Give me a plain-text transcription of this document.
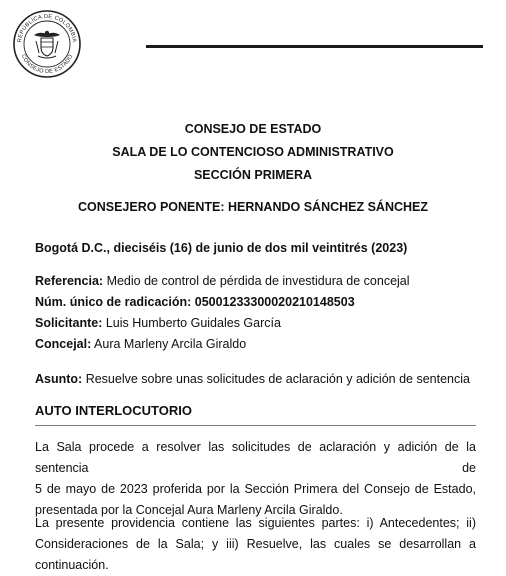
REPÚBLICA DE COLOMBIA
CONSEJO DE ESTADO
CONSEJO DE ESTADO
SALA DE LO CONTENCIOSO ADMINISTRATIVO
SECCIÓN PRIMERA
CONSEJERO PONENTE: HERNANDO SÁNCHEZ SÁNCHEZ
Bogotá D.C., dieciséis (16) de junio de dos mil veintitrés (2023)
Referencia: Medio de control de pérdida de investidura de concejal
Núm. único de radicación: 05001233300020210148503
Solicitante: Luis Humberto Guidales García
Concejal: Aura Marleny Arcila Giraldo
Asunto: Resuelve sobre unas solicitudes de aclaración y adición de sentencia
AUTO INTERLOCUTORIO
La Sala procede a resolver las solicitudes de aclaración y adición de la sentencia de
5 de mayo de 2023 proferida por la Sección Primera del Consejo de Estado,
presentada por la Concejal Aura Marleny Arcila Giraldo.
La presente providencia contiene las siguientes partes: i) Antecedentes; ii)
Consideraciones de la Sala; y iii) Resuelve, las cuales se desarrollan a continuación.
